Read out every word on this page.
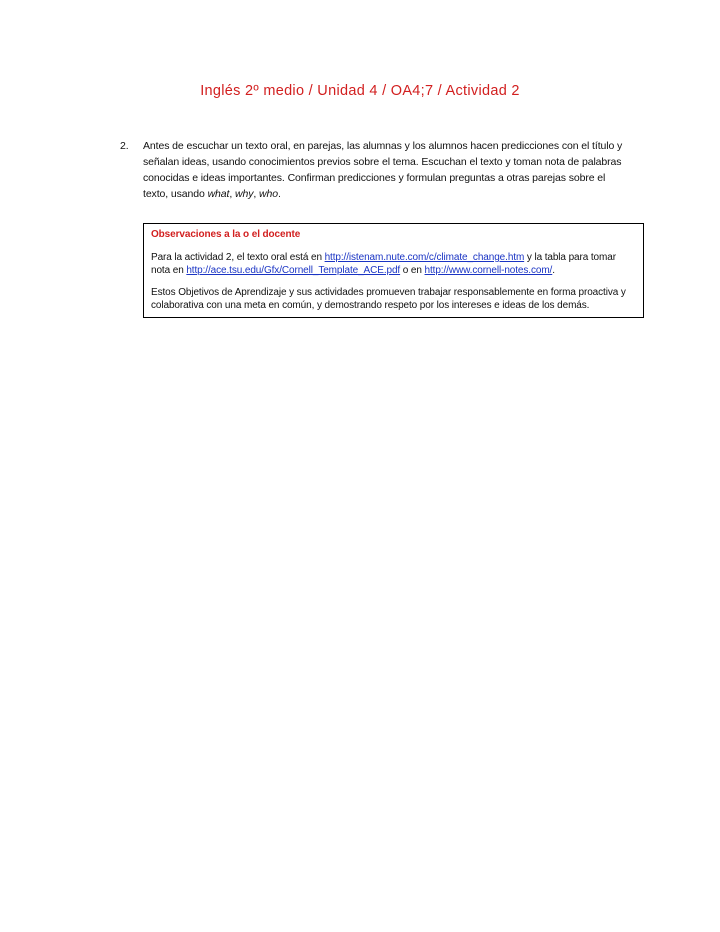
Inglés 2º medio / Unidad 4 / OA4;7 / Actividad 2
2. Antes de escuchar un texto oral, en parejas, las alumnas y los alumnos hacen predicciones con el título y señalan ideas, usando conocimientos previos sobre el tema. Escuchan el texto y toman nota de palabras conocidas e ideas importantes. Confirman predicciones y formulan preguntas a otras parejas sobre el texto, usando what, why, who.

Observaciones a la o el docente

Para la actividad 2, el texto oral está en http://istenam.nute.com/c/climate_change.htm y la tabla para tomar nota en http://ace.tsu.edu/Gfx/Cornell_Template_ACE.pdf o en http://www.cornell-notes.com/.

Estos Objetivos de Aprendizaje y sus actividades promueven trabajar responsablemente en forma proactiva y colaborativa con una meta en común, y demostrando respeto por los intereses e ideas de los demás.
